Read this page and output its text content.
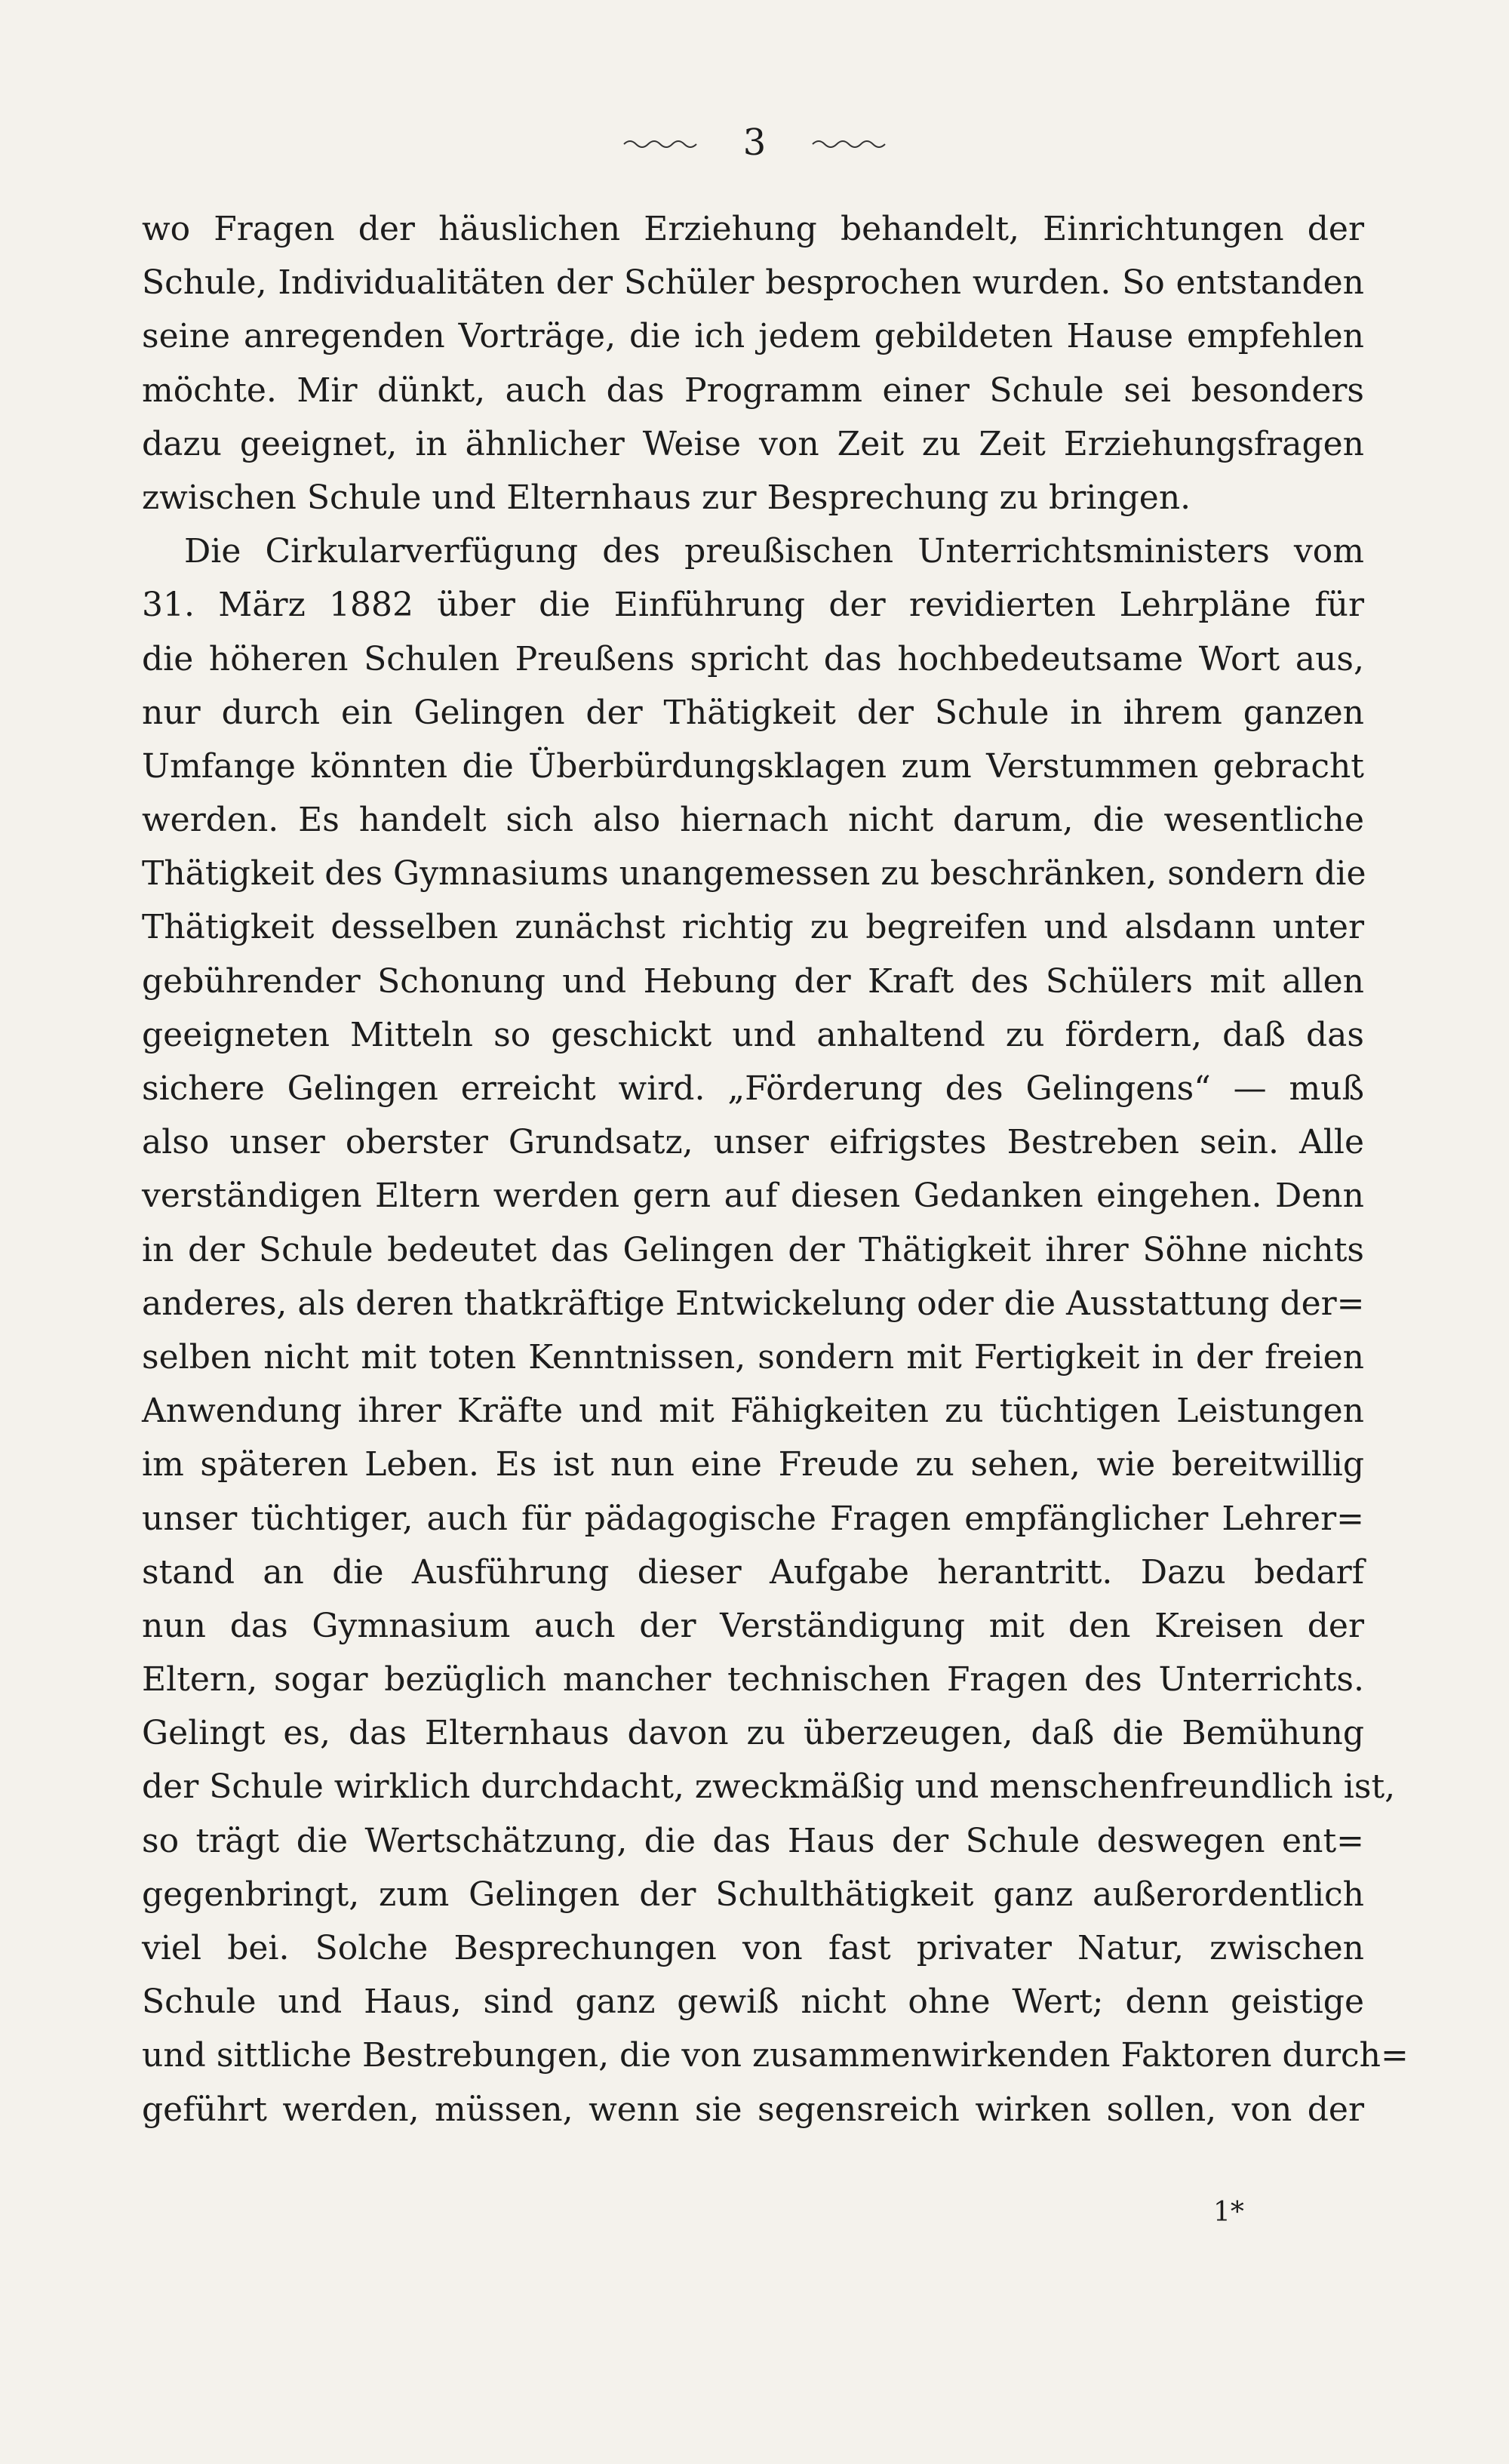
3
wo Fragen der häuslichen Erziehung behandelt, Einrichtungen der
Schule, Individualitäten der Schüler besprochen wurden. So entstanden
seine anregenden Vorträge, die ich jedem gebildeten Hause empfehlen
möchte. Mir dünkt, auch das Programm einer Schule sei besonders
dazu geeignet, in ähnlicher Weise von Zeit zu Zeit Erziehungsfragen
zwischen Schule und Elternhaus zur Besprechung zu bringen.
Die Cirkularverfügung des preußischen Unterrichtsministers vom
31. März 1882 über die Einführung der revidierten Lehrpläne für
die höheren Schulen Preußens spricht das hochbedeutsame Wort aus,
nur durch ein Gelingen der Thätigkeit der Schule in ihrem ganzen
Umfange könnten die Überbürdungsklagen zum Verstummen gebracht
werden. Es handelt sich also hiernach nicht darum, die wesentliche
Thätigkeit des Gymnasiums unangemessen zu beschränken, sondern die
Thätigkeit desselben zunächst richtig zu begreifen und alsdann unter
gebührender Schonung und Hebung der Kraft des Schülers mit allen
geeigneten Mitteln so geschickt und anhaltend zu fördern, daß das
sichere Gelingen erreicht wird. „Förderung des Gelingens“ — muß
also unser oberster Grundsatz, unser eifrigstes Bestreben sein. Alle
verständigen Eltern werden gern auf diesen Gedanken eingehen. Denn
in der Schule bedeutet das Gelingen der Thätigkeit ihrer Söhne nichts
anderes, als deren thatkräftige Entwickelung oder die Ausstattung der=
selben nicht mit toten Kenntnissen, sondern mit Fertigkeit in der freien
Anwendung ihrer Kräfte und mit Fähigkeiten zu tüchtigen Leistungen
im späteren Leben. Es ist nun eine Freude zu sehen, wie bereitwillig
unser tüchtiger, auch für pädagogische Fragen empfänglicher Lehrer=
stand an die Ausführung dieser Aufgabe herantritt. Dazu bedarf
nun das Gymnasium auch der Verständigung mit den Kreisen der
Eltern, sogar bezüglich mancher technischen Fragen des Unterrichts.
Gelingt es, das Elternhaus davon zu überzeugen, daß die Bemühung
der Schule wirklich durchdacht, zweckmäßig und menschenfreundlich ist,
so trägt die Wertschätzung, die das Haus der Schule deswegen ent=
gegenbringt, zum Gelingen der Schulthätigkeit ganz außerordentlich
viel bei. Solche Besprechungen von fast privater Natur, zwischen
Schule und Haus, sind ganz gewiß nicht ohne Wert; denn geistige
und sittliche Bestrebungen, die von zusammenwirkenden Faktoren durch=
geführt werden, müssen, wenn sie segensreich wirken sollen, von der
1*
